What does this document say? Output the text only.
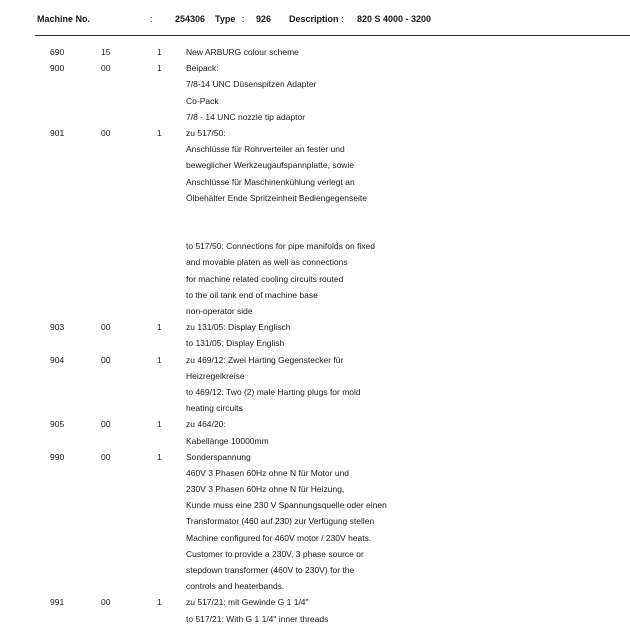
Machine No.	: 254306 Type : 926 Description : 820 S 4000 - 3200
690	15	1	New ARBURG colour scheme
900	00	1	Beipack:
7/8-14 UNC Düsenspitzen Adapter
Co-Pack
7/8 - 14 UNC nozzle tip adaptor
901	00	1	zu 517/50:
Anschlüsse für Rohrverteiler an fester und
beweglicher Werkzeugaufspannplatte, sowie
Anschlüsse für Maschinenkühlung verlegt an
Ölbehälter Ende Spritzeinheit Bediengegenseite
to 517/50: Connections for pipe manifolds on fixed
and movable platen as well as connections
for machine related cooling circuits routed
to the oil tank end of machine base
non-operator side
903	00	1	zu 131/05: Display Englisch
to 131/05: Display English
904	00	1	zu 469/12: Zwei Harting Gegenstecker für
Heizregelkreise
to 469/12: Two (2) male Harting plugs for mold
heating circuits
905	00	1	zu 464/20:
Kabellänge 10000mm
990	00	1	Sonderspannung
460V 3 Phasen 60Hz ohne N für Motor und
230V 3 Phasen 60Hz ohne N für Heizung,
Kunde muss eine 230 V Spannungsquelle oder einen
Transformator (460 auf 230) zur Verfügung stellen
Machine configured for 460V motor / 230V heats.
Customer to provide a 230V, 3 phase source or
stepdown transformer (460V to 230V) for the
controls and heaterbands.
991	00	1	zu 517/21: mit Gewinde G 1 1/4"
to 517/21: With G 1 1/4" inner threads
